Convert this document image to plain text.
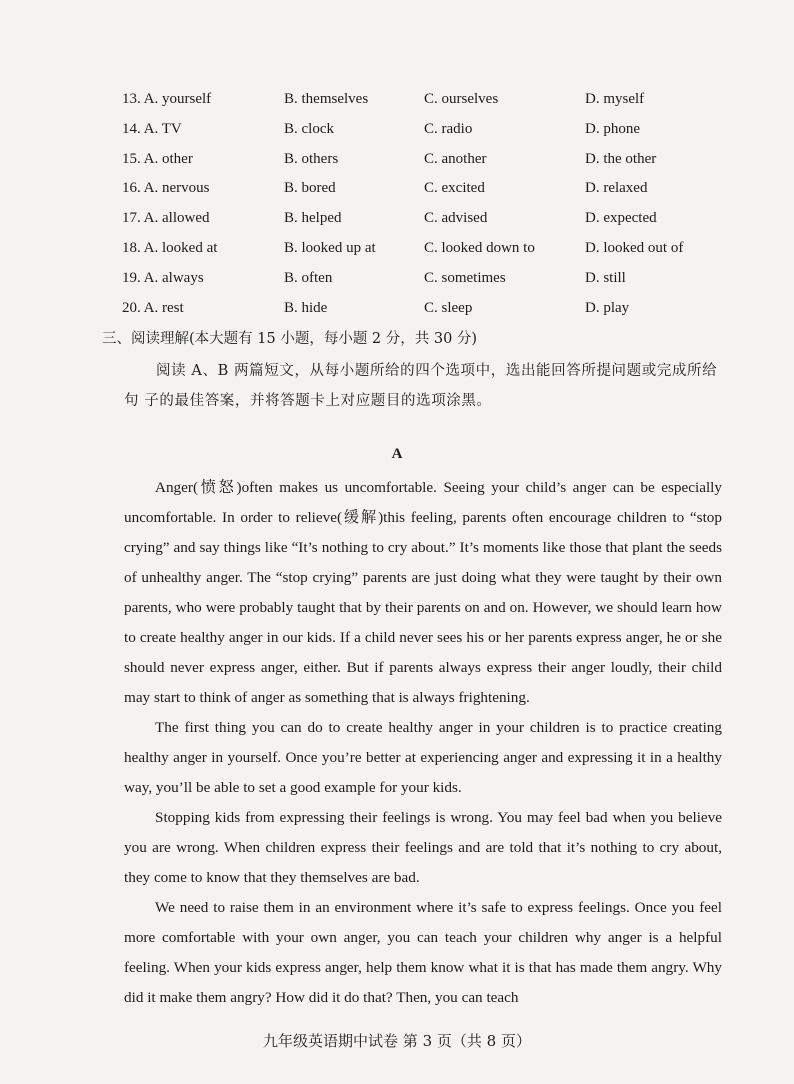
13. A. yourself	B. themselves	C. ourselves	D. myself
14. A. TV	B. clock	C. radio	D. phone
15. A. other	B. others	C. another	D. the other
16. A. nervous	B. bored	C. excited	D. relaxed
17. A. allowed	B. helped	C. advised	D. expected
18. A. looked at	B. looked up at	C. looked down to	D. looked out of
19. A. always	B. often	C. sometimes	D. still
20. A. rest	B. hide	C. sleep	D. play
三、阅读理解(本大题有 15 小题，每小题 2 分，共 30 分)
阅读 A、B 两篇短文，从每小题所给的四个选项中，选出能回答所提问题或完成所给句 子的最佳答案，并将答题卡上对应题目的选项涂黑。
A

Anger(愤怒)often makes us uncomfortable. Seeing your child’s anger can be especially uncomfortable. In order to relieve(缓解)this feeling, parents often encourage children to “stop crying” and say things like “It’s nothing to cry about.” It’s moments like those that plant the seeds of unhealthy anger. The “stop crying” parents are just doing what they were taught by their own parents, who were probably taught that by their parents on and on. However, we should learn how to create healthy anger in our kids. If a child never sees his or her parents express anger, he or she should never express anger, either. But if parents always express their anger loudly, their child may start to think of anger as something that is always frightening.

The first thing you can do to create healthy anger in your children is to practice creating healthy anger in yourself. Once you’re better at experiencing anger and expressing it in a healthy way, you’ll be able to set a good example for your kids.

Stopping kids from expressing their feelings is wrong. You may feel bad when you believe you are wrong. When children express their feelings and are told that it’s nothing to cry about, they come to know that they themselves are bad.

We need to raise them in an environment where it’s safe to express feelings. Once you feel more comfortable with your own anger, you can teach your children why anger is a helpful feeling. When your kids express anger, help them know what it is that has made them angry. Why did it make them angry? How did it do that? Then, you can teach

九年级英语期中试卷 第 3 页（共 8 页）
